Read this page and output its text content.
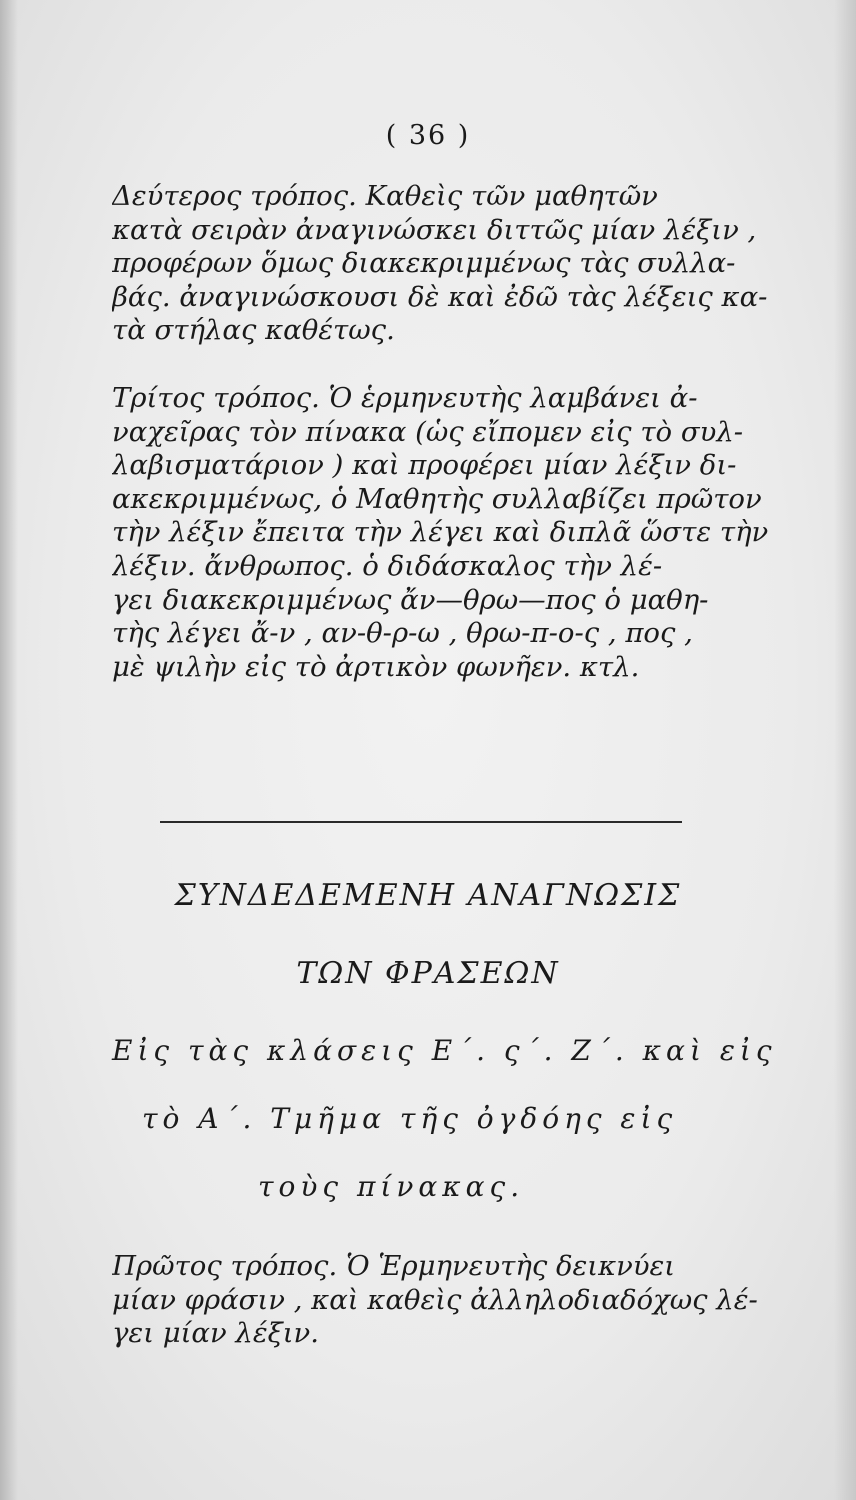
( 36 )
Δεύτερος τρόπος. Καθεὶς τῶν μαθητῶν
κατὰ σειρὰν ἀναγινώσκει διττῶς μίαν λέξιν ,
προφέρων ὅμως διακεκριμμένως τὰς συλλα-
βάς. ἀναγινώσκουσι δὲ καὶ ἐδῶ τὰς λέξεις κα-
τὰ στήλας καθέτως.
Τρίτος τρόπος. Ὁ ἑρμηνευτὴς λαμβάνει ἀ-
ναχεῖρας τὸν πίνακα (ὡς εἴπομεν εἰς τὸ συλ-
λαβισματάριον ) καὶ προφέρει μίαν λέξιν δι-
ακεκριμμένως, ὁ Μαθητὴς συλλαβίζει πρῶτον
τὴν λέξιν ἔπειτα τὴν λέγει καὶ διπλᾶ ὥστε τὴν
λέξιν. ἄνθρωπος. ὁ διδάσκαλος τὴν λέ-
γει διακεκριμμένως ἄν—θρω—πος ὁ μαθη-
τὴς λέγει ἄ-ν , αν-θ-ρ-ω , θρω-π-ο-ς , πος ,
μὲ ψιλὴν εἰς τὸ ἀρτικὸν φωνῆεν. κτλ.
ΣΥΝΔΕΔΕΜΕΝΗ ΑΝΑΓΝΩΣΙΣ
ΤΩΝ ΦΡΑΣΕΩΝ
Εἰς τὰς κλάσεις Ε΄. ς΄. Ζ΄. καὶ εἰς
τὸ Α΄. Τμῆμα τῆς ὀγδόης εἰς
τοὺς πίνακας.
Πρῶτος τρόπος. Ὁ Ἑρμηνευτὴς δεικνύει
μίαν φράσιν , καὶ καθεὶς ἀλληλοδιαδόχως λέ-
γει μίαν λέξιν.
